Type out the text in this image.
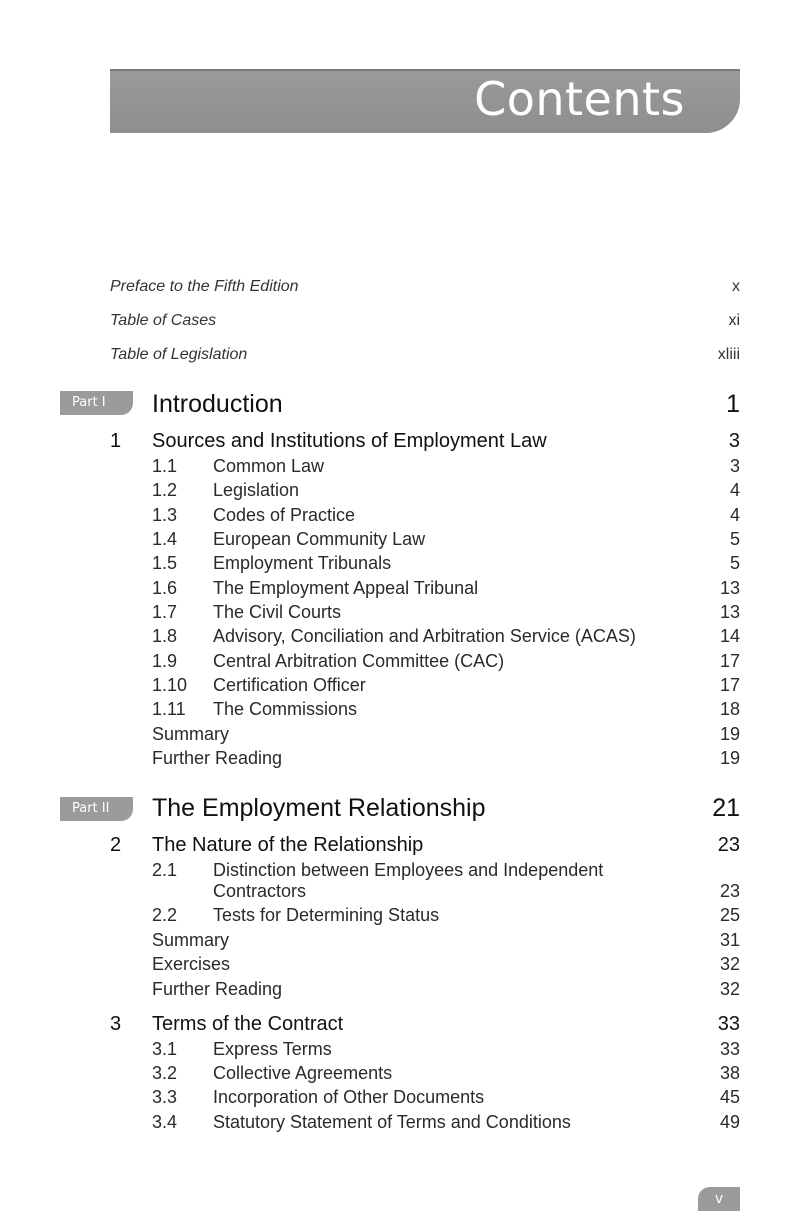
Contents
Preface to the Fifth Edition	x
Table of Cases	xi
Table of Legislation	xliii
Part I	Introduction	1
1 Sources and Institutions of Employment Law	3
1.1 Common Law	3
1.2 Legislation	4
1.3 Codes of Practice	4
1.4 European Community Law	5
1.5 Employment Tribunals	5
1.6 The Employment Appeal Tribunal	13
1.7 The Civil Courts	13
1.8 Advisory, Conciliation and Arbitration Service (ACAS)	14
1.9 Central Arbitration Committee (CAC)	17
1.10 Certification Officer	17
1.11 The Commissions	18
Summary	19
Further Reading	19
Part II	The Employment Relationship	21
2 The Nature of the Relationship	23
2.1 Distinction between Employees and Independent
Contractors	23
2.2 Tests for Determining Status	25
Summary	31
Exercises	32
Further Reading	32
3 Terms of the Contract	33
3.1 Express Terms	33
3.2 Collective Agreements	38
3.3 Incorporation of Other Documents	45
3.4 Statutory Statement of Terms and Conditions	49
v
